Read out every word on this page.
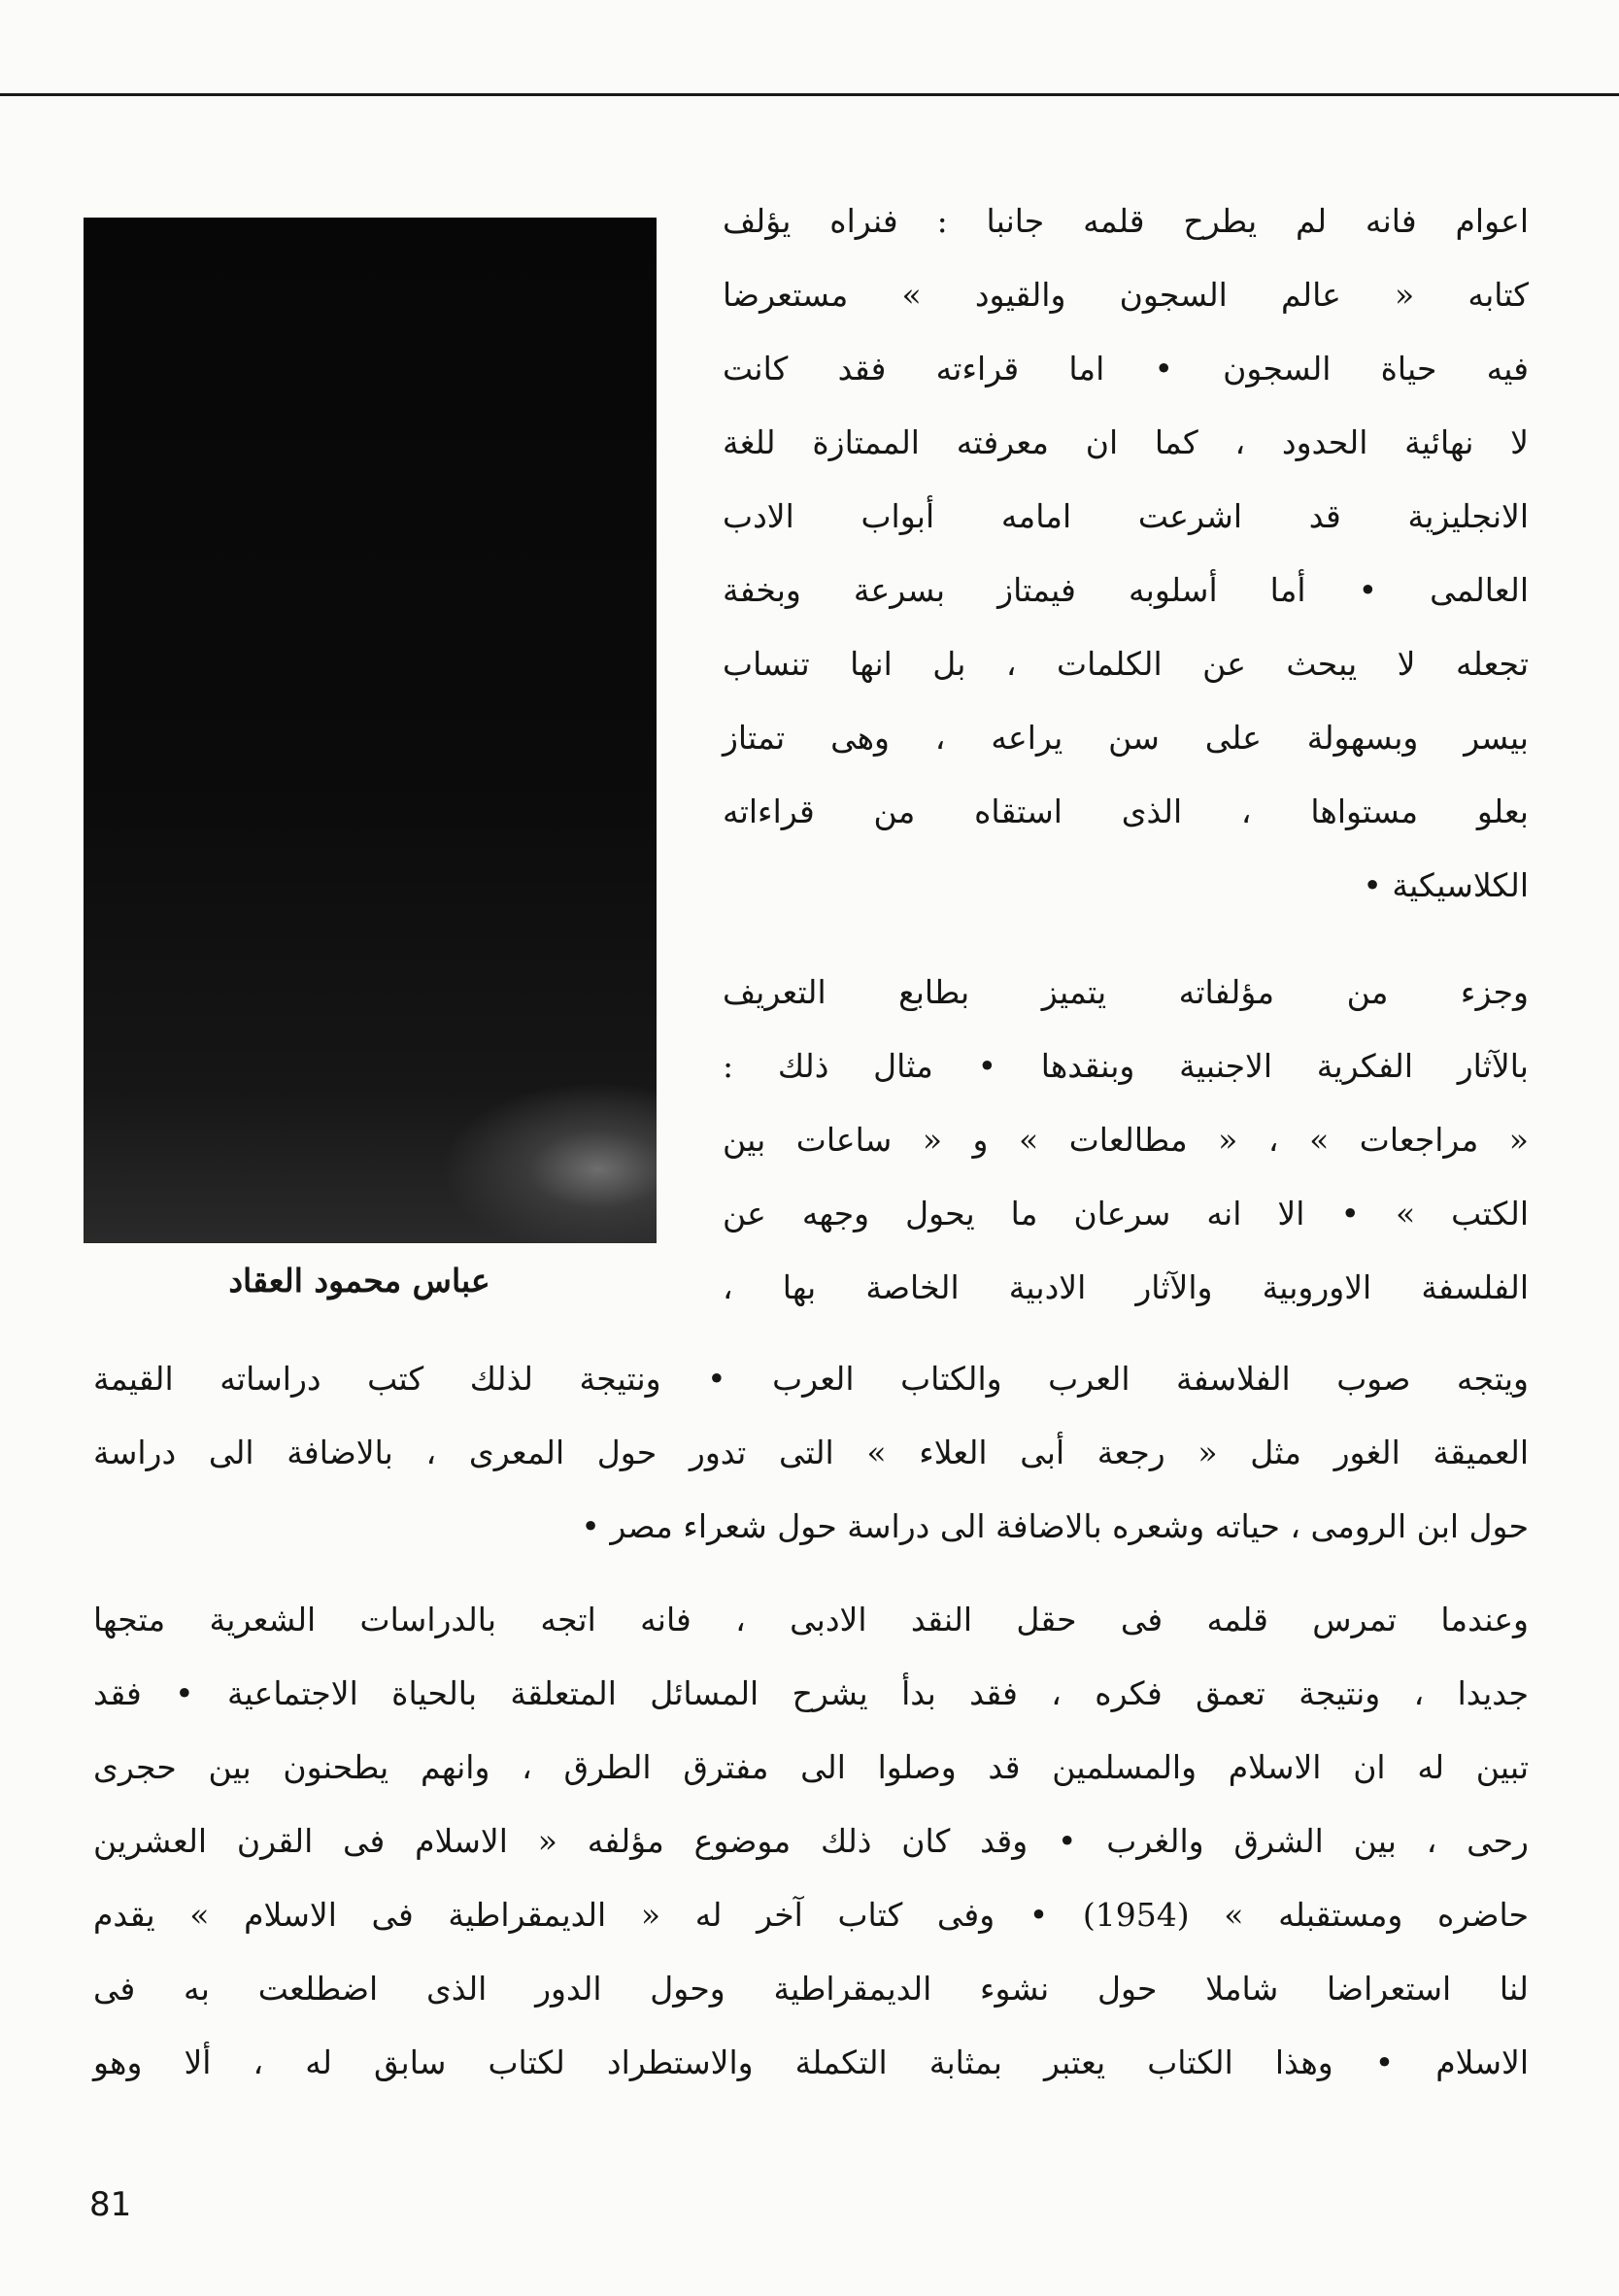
عباس محمود العقاد
اعوام فانه لم يطرح قلمه جانبا : فنراه يؤلف
كتابه « عالم السجون والقيود » مستعرضا
فيه حياة السجون • اما قراءته فقد كانت
لا نهائية الحدود ، كما ان معرفته الممتازة للغة
الانجليزية قد اشرعت امامه أبواب الادب
العالمى • أما أسلوبه فيمتاز بسرعة وبخفة
تجعله لا يبحث عن الكلمات ، بل انها تنساب
بيسر وبسهولة على سن يراعه ، وهى تمتاز
بعلو مستواها ، الذى استقاه من قراءاته
الكلاسيكية •
وجزء من مؤلفاته يتميز بطابع التعريف
بالآثار الفكرية الاجنبية وبنقدها • مثال ذلك :
« مراجعات » ، « مطالعات » و « ساعات بين
الكتب » • الا انه سرعان ما يحول وجهه عن
الفلسفة الاوروبية والآثار الادبية الخاصة بها ،
ويتجه صوب الفلاسفة العرب والكتاب العرب • ونتيجة لذلك كتب دراساته القيمة
العميقة الغور مثل « رجعة أبى العلاء » التى تدور حول المعرى ، بالاضافة الى دراسة
حول ابن الرومى ، حياته وشعره بالاضافة الى دراسة حول شعراء مصر •
وعندما تمرس قلمه فى حقل النقد الادبى ، فانه اتجه بالدراسات الشعرية متجها
جديدا ، ونتيجة تعمق فكره ، فقد بدأ يشرح المسائل المتعلقة بالحياة الاجتماعية • فقد
تبين له ان الاسلام والمسلمين قد وصلوا الى مفترق الطرق ، وانهم يطحنون بين حجرى
رحى ، بين الشرق والغرب • وقد كان ذلك موضوع مؤلفه « الاسلام فى القرن العشرين
حاضره ومستقبله » (1954) • وفى كتاب آخر له « الديمقراطية فى الاسلام » يقدم
لنا استعراضا شاملا حول نشوء الديمقراطية وحول الدور الذى اضطلعت به فى
الاسلام • وهذا الكتاب يعتبر بمثابة التكملة والاستطراد لكتاب سابق له ، ألا وهو
81
